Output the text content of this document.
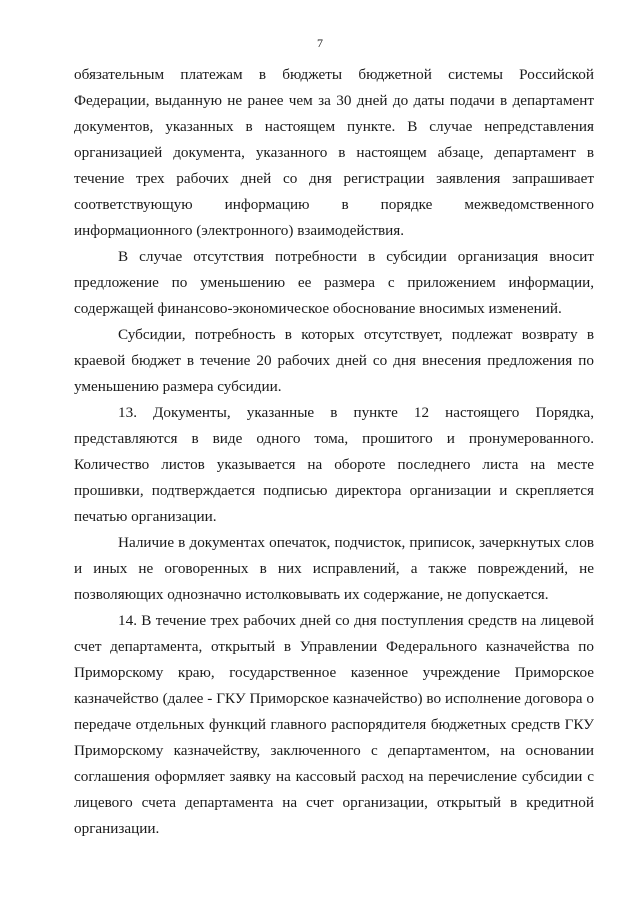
7

обязательным платежам в бюджеты бюджетной системы Российской Федерации, выданную не ранее чем за 30 дней до даты подачи в департамент документов, указанных в настоящем пункте. В случае непредставления организацией документа, указанного в настоящем абзаце, департамент в течение трех рабочих дней со дня регистрации заявления запрашивает соответствующую информацию в порядке межведомственного информационного (электронного) взаимодействия.

В случае отсутствия потребности в субсидии организация вносит предложение по уменьшению ее размера с приложением информации, содержащей финансово-экономическое обоснование вносимых изменений.

Субсидии, потребность в которых отсутствует, подлежат возврату в краевой бюджет в течение 20 рабочих дней со дня внесения предложения по уменьшению размера субсидии.

13. Документы, указанные в пункте 12 настоящего Порядка, представляются в виде одного тома, прошитого и пронумерованного. Количество листов указывается на обороте последнего листа на месте прошивки, подтверждается подписью директора организации и скрепляется печатью организации.

Наличие в документах опечаток, подчисток, приписок, зачеркнутых слов и иных не оговоренных в них исправлений, а также повреждений, не позволяющих однозначно истолковывать их содержание, не допускается.

14. В течение трех рабочих дней со дня поступления средств на лицевой счет департамента, открытый в Управлении Федерального казначейства по Приморскому краю, государственное казенное учреждение Приморское казначейство (далее - ГКУ Приморское казначейство) во исполнение договора о передаче отдельных функций главного распорядителя бюджетных средств ГКУ Приморскому казначейству, заключенного с департаментом, на основании соглашения оформляет заявку на кассовый расход на перечисление субсидии с лицевого счета департамента на счет организации, открытый в кредитной организации.
